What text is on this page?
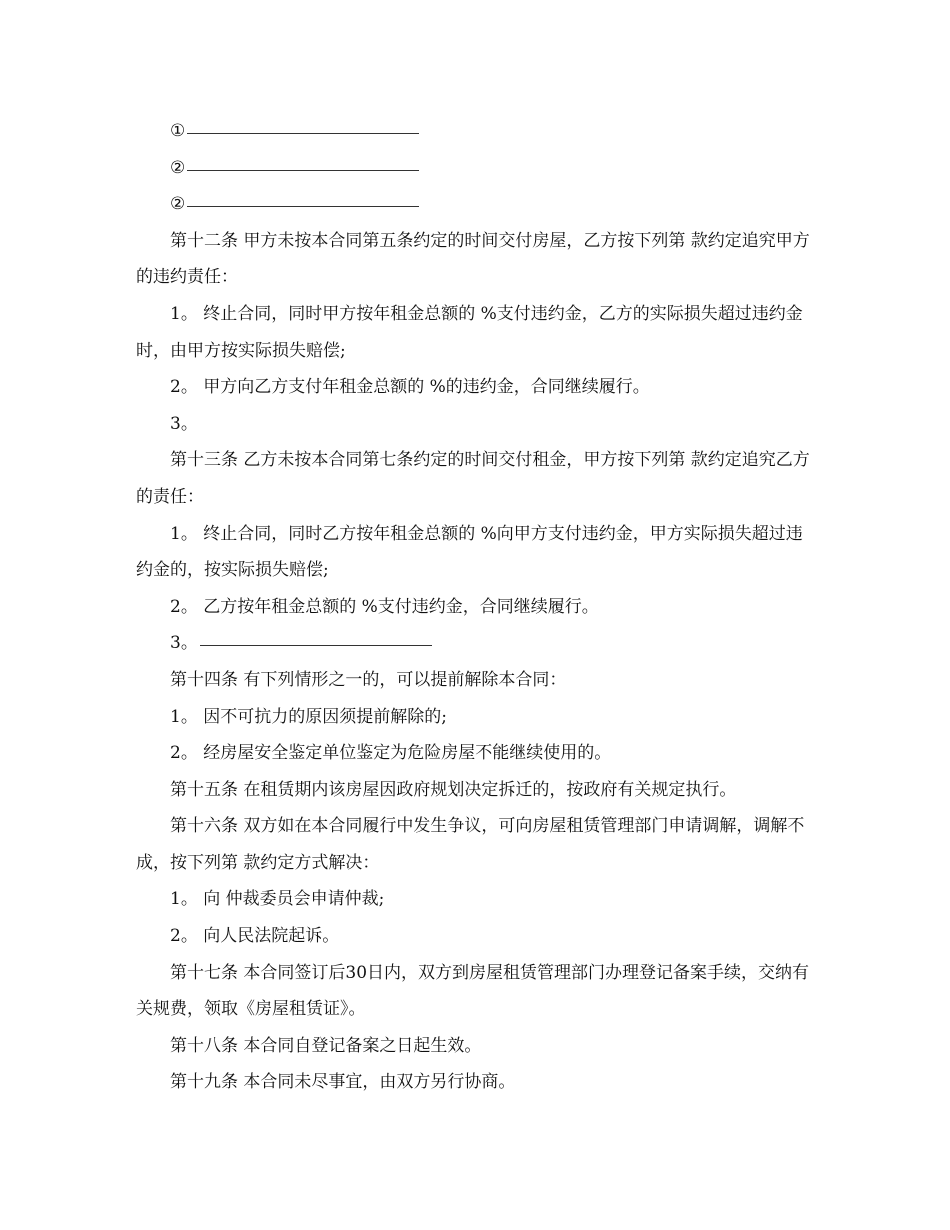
①

②

②

第十二条 甲方未按本合同第五条约定的时间交付房屋，乙方按下列第 款约定追究甲方的违约责任：

1。 终止合同，同时甲方按年租金总额的 %支付违约金，乙方的实际损失超过违约金时，由甲方按实际损失赔偿;

2。 甲方向乙方支付年租金总额的 %的违约金，合同继续履行。

3。

第十三条 乙方未按本合同第七条约定的时间交付租金，甲方按下列第 款约定追究乙方的责任：

1。 终止合同，同时乙方按年租金总额的 %向甲方支付违约金，甲方实际损失超过违约金的，按实际损失赔偿;

2。 乙方按年租金总额的 %支付违约金，合同继续履行。

3。

第十四条 有下列情形之一的，可以提前解除本合同：

1。 因不可抗力的原因须提前解除的;

2。 经房屋安全鉴定单位鉴定为危险房屋不能继续使用的。

第十五条 在租赁期内该房屋因政府规划决定拆迁的，按政府有关规定执行。

第十六条 双方如在本合同履行中发生争议，可向房屋租赁管理部门申请调解，调解不成，按下列第 款约定方式解决：

1。 向 仲裁委员会申请仲裁;

2。 向人民法院起诉。

第十七条 本合同签订后30日内，双方到房屋租赁管理部门办理登记备案手续，交纳有关规费，领取《房屋租赁证》。

第十八条 本合同自登记备案之日起生效。

第十九条 本合同未尽事宜，由双方另行协商。
